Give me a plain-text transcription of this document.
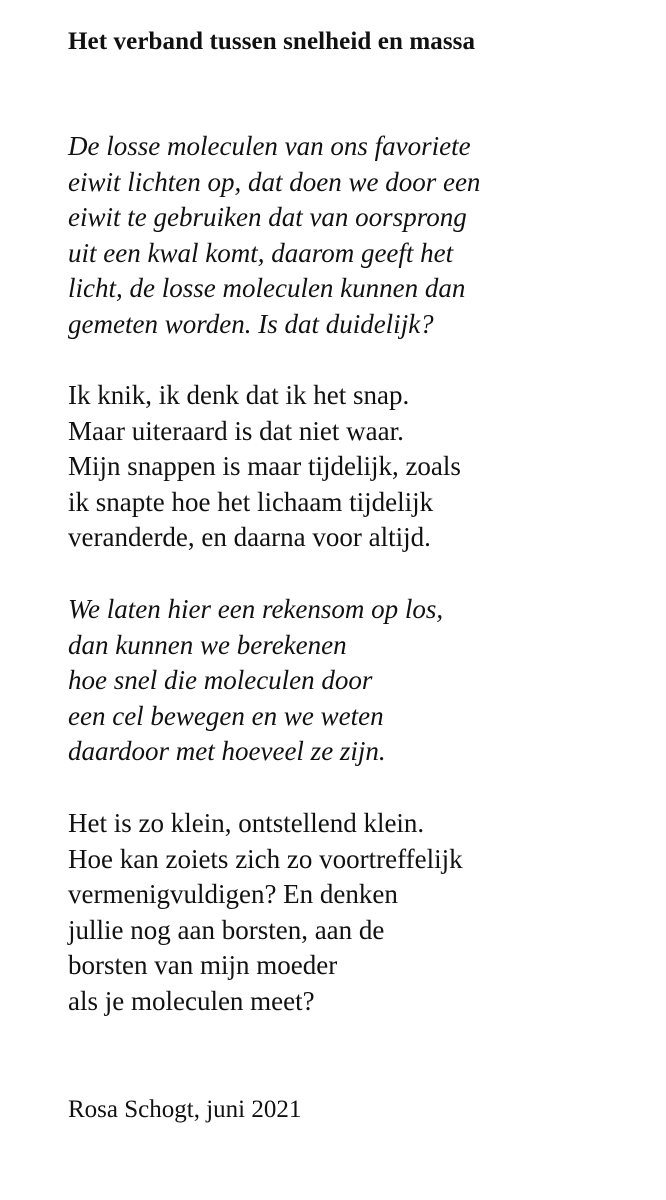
Het verband tussen snelheid en massa
De losse moleculen van ons favoriete
eiwit lichten op, dat doen we door een
eiwit te gebruiken dat van oorsprong
uit een kwal komt, daarom geeft het
licht, de losse moleculen kunnen dan
gemeten worden. Is dat duidelijk?
Ik knik, ik denk dat ik het snap.
Maar uiteraard is dat niet waar.
Mijn snappen is maar tijdelijk, zoals
ik snapte hoe het lichaam tijdelijk
veranderde, en daarna voor altijd.
We laten hier een rekensom op los,
dan kunnen we berekenen
hoe snel die moleculen door
een cel bewegen en we weten
daardoor met hoeveel ze zijn.
Het is zo klein, ontstellend klein.
Hoe kan zoiets zich zo voortreffelijk
vermenigvuldigen? En denken
jullie nog aan borsten, aan de
borsten van mijn moeder
als je moleculen meet?
Rosa Schogt, juni 2021
